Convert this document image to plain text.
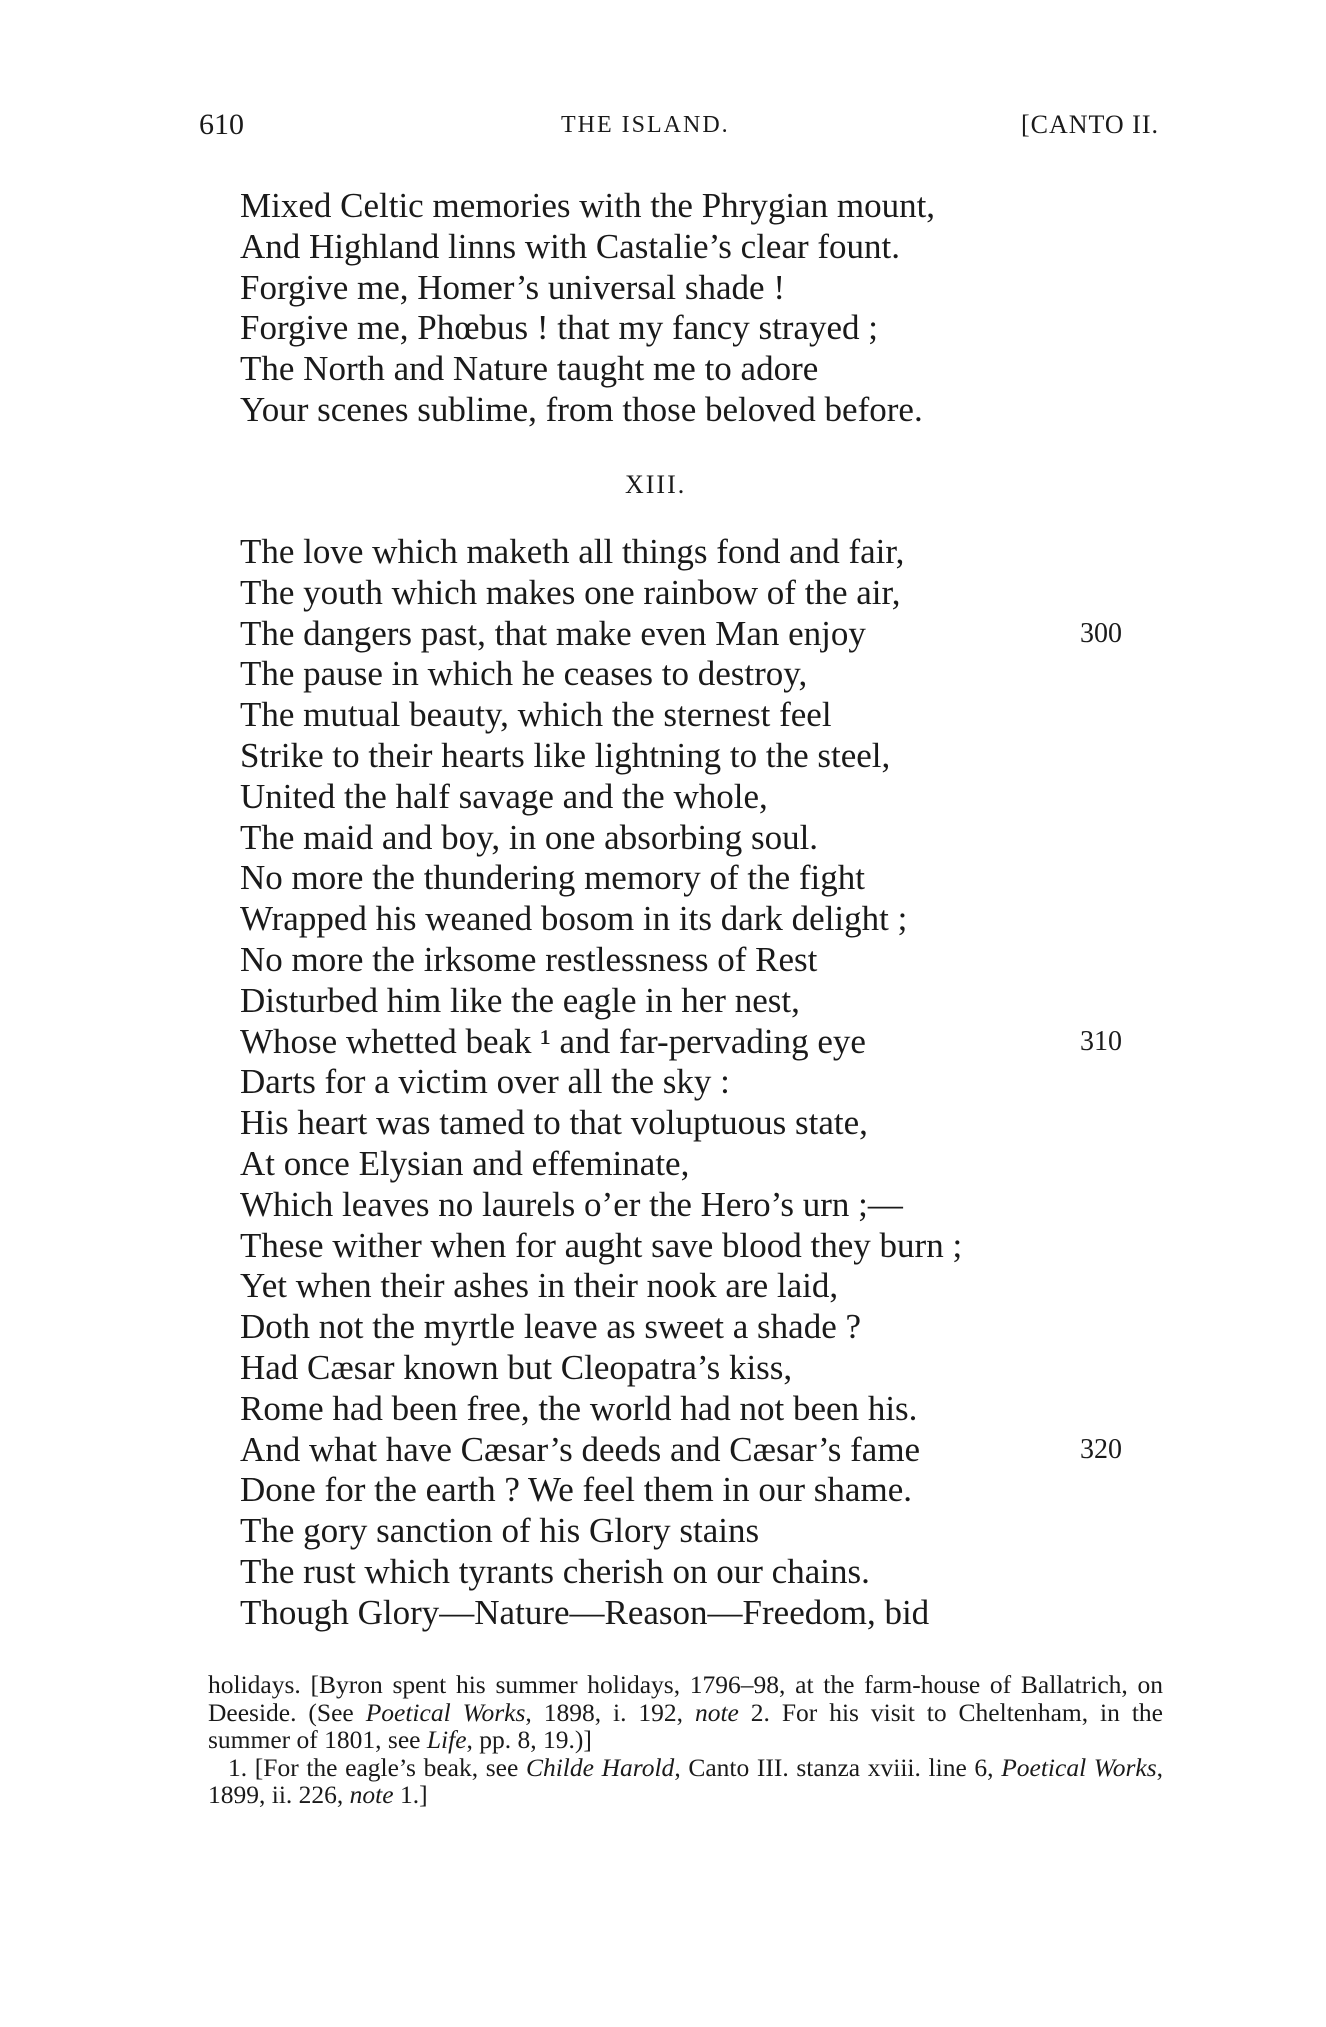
610	THE ISLAND.	[CANTO II.
Mixed Celtic memories with the Phrygian mount,
And Highland linns with Castalie’s clear fount.
Forgive me, Homer’s universal shade !
Forgive me, Phœbus ! that my fancy strayed ;
The North and Nature taught me to adore
Your scenes sublime, from those beloved before.
XIII.
The love which maketh all things fond and fair,
The youth which makes one rainbow of the air,
The dangers past, that make even Man enjoy	300
The pause in which he ceases to destroy,
The mutual beauty, which the sternest feel
Strike to their hearts like lightning to the steel,
United the half savage and the whole,
The maid and boy, in one absorbing soul.
No more the thundering memory of the fight
Wrapped his weaned bosom in its dark delight ;
No more the irksome restlessness of Rest
Disturbed him like the eagle in her nest,
Whose whetted beak ¹ and far-pervading eye	310
Darts for a victim over all the sky :
His heart was tamed to that voluptuous state,
At once Elysian and effeminate,
Which leaves no laurels o’er the Hero’s urn ;—
These wither when for aught save blood they burn ;
Yet when their ashes in their nook are laid,
Doth not the myrtle leave as sweet a shade ?
Had Cæsar known but Cleopatra’s kiss,
Rome had been free, the world had not been his.
And what have Cæsar’s deeds and Cæsar’s fame	320
Done for the earth ? We feel them in our shame.
The gory sanction of his Glory stains
The rust which tyrants cherish on our chains.
Though Glory—Nature—Reason—Freedom, bid

holidays. [Byron spent his summer holidays, 1796–98, at the farm-house of Ballatrich, on Deeside. (See Poetical Works, 1898, i. 192, note 2. For his visit to Cheltenham, in the summer of 1801, see Life, pp. 8, 19.)]

1. [For the eagle’s beak, see Childe Harold, Canto III. stanza xviii. line 6, Poetical Works, 1899, ii. 226, note 1.]
